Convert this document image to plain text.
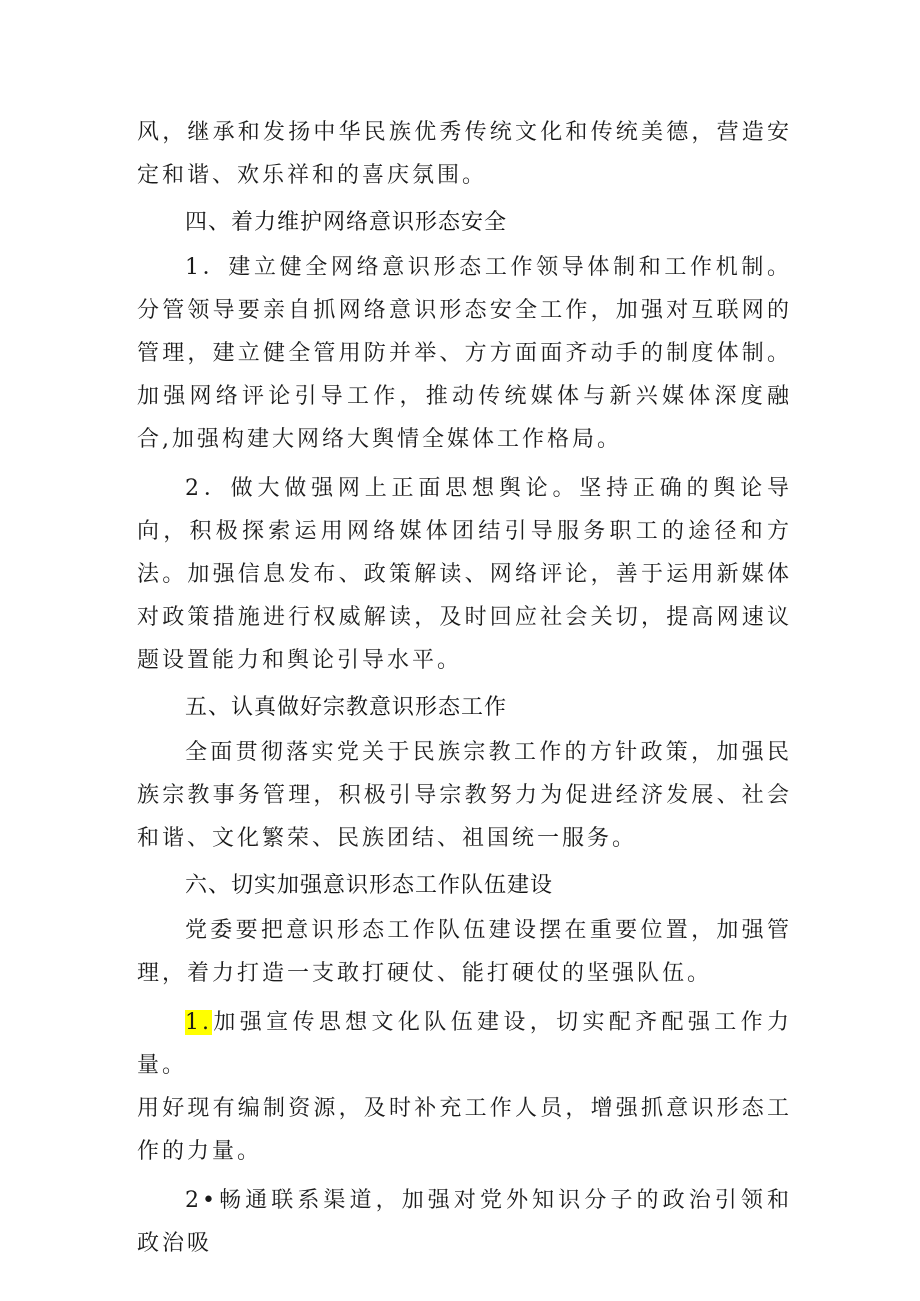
风，继承和发扬中华民族优秀传统文化和传统美德，营造安定和谐、欢乐祥和的喜庆氛围。

四、着力维护网络意识形态安全

1．建立健全网络意识形态工作领导体制和工作机制。分管领导要亲自抓网络意识形态安全工作，加强对互联网的管理，建立健全管用防并举、方方面面齐动手的制度体制。加强网络评论引导工作，推动传统媒体与新兴媒体深度融合,加强构建大网络大舆情全媒体工作格局。

2．做大做强网上正面思想舆论。坚持正确的舆论导向，积极探索运用网络媒体团结引导服务职工的途径和方法。加强信息发布、政策解读、网络评论，善于运用新媒体对政策措施进行权威解读，及时回应社会关切，提高网速议题设置能力和舆论引导水平。

五、认真做好宗教意识形态工作

全面贯彻落实党关于民族宗教工作的方针政策，加强民族宗教事务管理，积极引导宗教努力为促进经济发展、社会和谐、文化繁荣、民族团结、祖国统一服务。

六、切实加强意识形态工作队伍建设

党委要把意识形态工作队伍建设摆在重要位置，加强管理，着力打造一支敢打硬仗、能打硬仗的坚强队伍。

1.加强宣传思想文化队伍建设，切实配齐配强工作力量。

用好现有编制资源，及时补充工作人员，增强抓意识形态工作的力量。

2•畅通联系渠道，加强对党外知识分子的政治引领和政治吸
